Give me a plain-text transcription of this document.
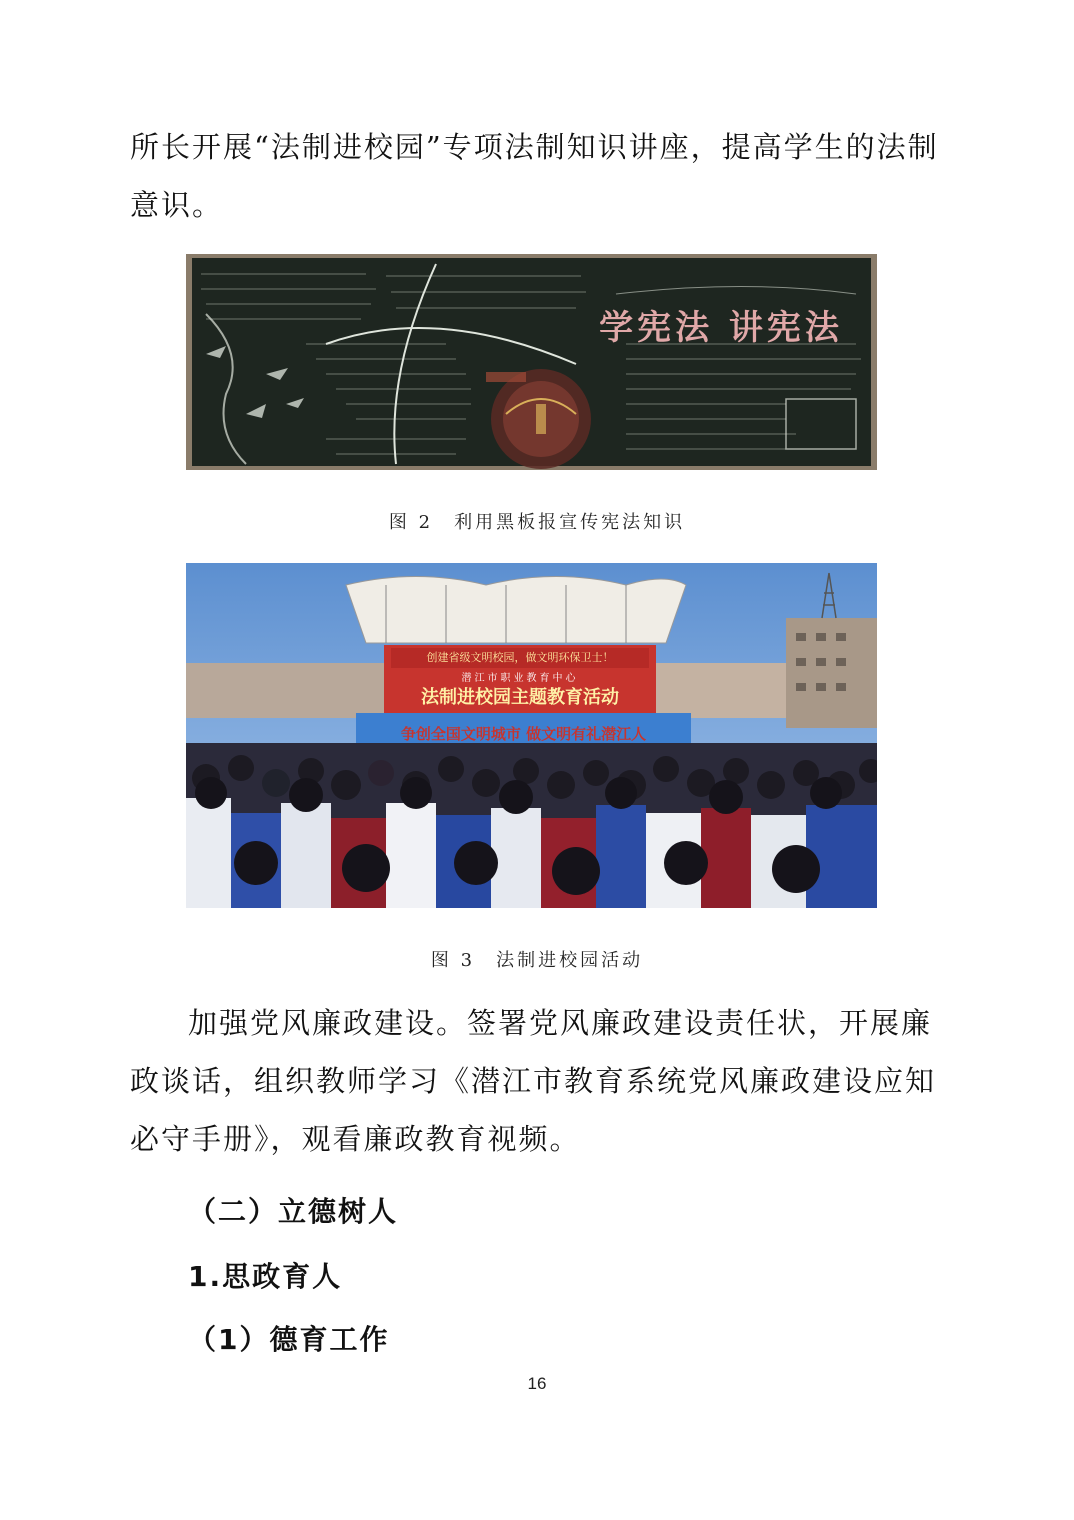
所长开展“法制进校园”专项法制知识讲座，提高学生的法制意识。

学宪法 讲宪法
图 2　利用黑板报宣传宪法知识
创建省级文明校园，做文明环保卫士！
潜江市职业教育中心
法制进校园主题教育活动
争创全国文明城市 做文明有礼潜江人
图 3　法制进校园活动

加强党风廉政建设。签署党风廉政建设责任状，开展廉政谈话，组织教师学习《潜江市教育系统党风廉政建设应知必守手册》，观看廉政教育视频。

（二）立德树人
1.思政育人
（1）德育工作
16
